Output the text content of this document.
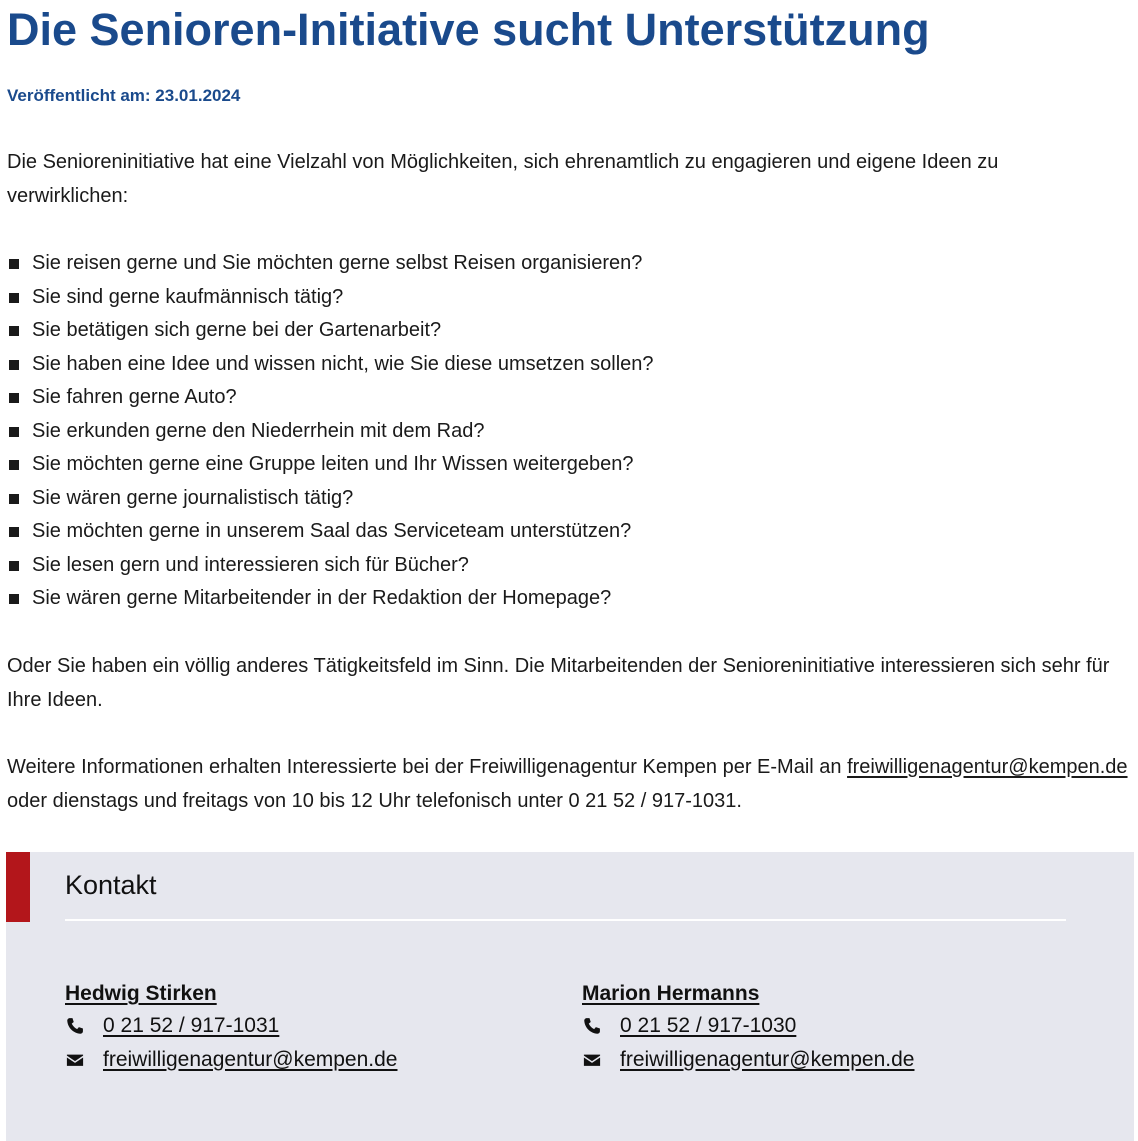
Die Senioren-Initiative sucht Unterstützung
Veröffentlicht am: 23.01.2024

Die Senioreninitiative hat eine Vielzahl von Möglichkeiten, sich ehrenamtlich zu engagieren und eigene Ideen zu verwirklichen:

Sie reisen gerne und Sie möchten gerne selbst Reisen organisieren?
Sie sind gerne kaufmännisch tätig?
Sie betätigen sich gerne bei der Gartenarbeit?
Sie haben eine Idee und wissen nicht, wie Sie diese umsetzen sollen?
Sie fahren gerne Auto?
Sie erkunden gerne den Niederrhein mit dem Rad?
Sie möchten gerne eine Gruppe leiten und Ihr Wissen weitergeben?
Sie wären gerne journalistisch tätig?
Sie möchten gerne in unserem Saal das Serviceteam unterstützen?
Sie lesen gern und interessieren sich für Bücher?
Sie wären gerne Mitarbeitender in der Redaktion der Homepage?

Oder Sie haben ein völlig anderes Tätigkeitsfeld im Sinn. Die Mitarbeitenden der Senioreninitiative interessieren sich sehr für Ihre Ideen.

Weitere Informationen erhalten Interessierte bei der Freiwilligenagentur Kempen per E-Mail an freiwilligenagentur@kempen.de oder dienstags und freitags von 10 bis 12 Uhr telefonisch unter 0 21 52 / 917-1031.

Kontakt
Hedwig Stirken
0 21 52 / 917-1031
freiwilligenagentur@kempen.de
Marion Hermanns
0 21 52 / 917-1030
freiwilligenagentur@kempen.de
